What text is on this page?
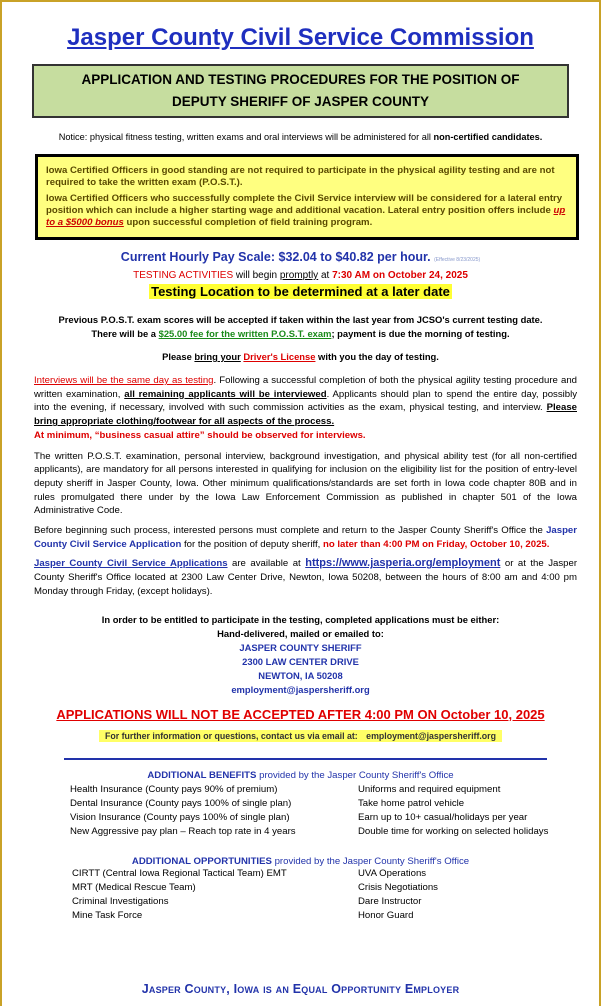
Jasper County Civil Service Commission
APPLICATION AND TESTING PROCEDURES FOR THE POSITION OF
DEPUTY SHERIFF OF JASPER COUNTY
Notice: physical fitness testing, written exams and oral interviews will be administered for all non-certified candidates.

Iowa Certified Officers in good standing are not required to participate in the physical agility testing and are not required to take the written exam (P.O.S.T.).

Iowa Certified Officers who successfully complete the Civil Service interview will be considered for a lateral entry position which can include a higher starting wage and additional vacation. Lateral entry position offers include up to a $5000 bonus upon successful completion of field training program.

Current Hourly Pay Scale: $32.04 to $40.82 per hour. (Effective 8/23/2025)
TESTING ACTIVITIES will begin promptly at 7:30 AM on October 24, 2025
Testing Location to be determined at a later date
Previous P.O.S.T. exam scores will be accepted if taken within the last year from JCSO's current testing date.
There will be a $25.00 fee for the written P.O.S.T. exam; payment is due the morning of testing.
Please bring your Driver's License with you the day of testing.
Interviews will be the same day as testing. Following a successful completion of both the physical agility testing procedure and written examination, all remaining applicants will be interviewed. Applicants should plan to spend the entire day, possibly into the evening, if necessary, involved with such commission activities as the exam, physical testing, and interview. Please bring appropriate clothing/footwear for all aspects of the process.
At minimum, “business casual attire” should be observed for interviews.
The written P.O.S.T. examination, personal interview, background investigation, and physical ability test (for all non-certified applicants), are mandatory for all persons interested in qualifying for inclusion on the eligibility list for the position of entry-level deputy sheriff in Jasper County, Iowa. Other minimum qualifications/standards are set forth in Iowa code chapter 80B and in rules promulgated there under by the Iowa Law Enforcement Commission as published in chapter 501 of the Iowa Administrative Code.
Before beginning such process, interested persons must complete and return to the Jasper County Sheriff's Office the Jasper County Civil Service Application for the position of deputy sheriff, no later than 4:00 PM on Friday, October 10, 2025.
Jasper County Civil Service Applications are available at https://www.jasperia.org/employment or at the Jasper County Sheriff's Office located at 2300 Law Center Drive, Newton, Iowa 50208, between the hours of 8:00 am and 4:00 pm Monday through Friday, (except holidays).
In order to be entitled to participate in the testing, completed applications must be either:
Hand-delivered, mailed or emailed to:
JASPER COUNTY SHERIFF
2300 LAW CENTER DRIVE
NEWTON, IA 50208
employment@jaspersheriff.org
APPLICATIONS WILL NOT BE ACCEPTED AFTER 4:00 PM ON October 10, 2025
For further information or questions, contact us via email at: employment@jaspersheriff.org
ADDITIONAL BENEFITS provided by the Jasper County Sheriff's Office
Health Insurance (County pays 90% of premium)
Dental Insurance (County pays 100% of single plan)
Vision Insurance (County pays 100% of single plan)
New Aggressive pay plan – Reach top rate in 4 years
Uniforms and required equipment
Take home patrol vehicle
Earn up to 10+ casual/holidays per year
Double time for working on selected holidays
ADDITIONAL OPPORTUNITIES provided by the Jasper County Sheriff's Office
CIRTT (Central Iowa Regional Tactical Team) EMT
MRT (Medical Rescue Team)
Criminal Investigations
Mine Task Force
UVA Operations
Crisis Negotiations
Dare Instructor
Honor Guard
Jasper County, Iowa is an Equal Opportunity Employer
